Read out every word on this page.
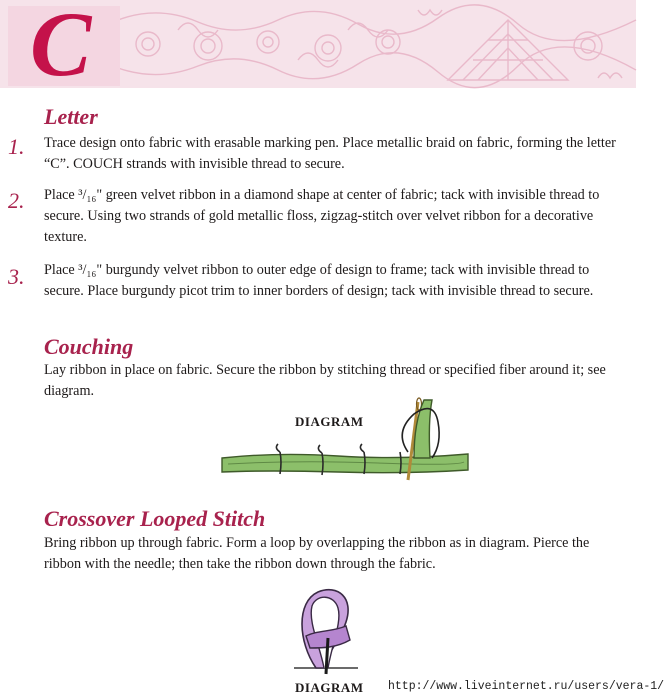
C
Letter
1. Trace design onto fabric with erasable marking pen. Place metallic braid on fabric, forming the letter “C”. COUCH strands with invisible thread to secure.

2. Place ³/₁₆" green velvet ribbon in a diamond shape at center of fabric; tack with invisible thread to secure. Using two strands of gold metallic floss, zigzag-stitch over velvet ribbon for a decorative texture.

3. Place ³/₁₆" burgundy velvet ribbon to outer edge of design to frame; tack with invisible thread to secure. Place burgundy picot trim to inner borders of design; tack with invisible thread to secure.

Couching

Lay ribbon in place on fabric. Secure the ribbon by stitching thread or specified fiber around it; see diagram.

DIAGRAM
Crossover Looped Stitch

Bring ribbon up through fabric. Form a loop by overlapping the ribbon as in diagram. Pierce the ribbon with the needle; then take the ribbon down through the fabric.

DIAGRAM http://www.liveinternet.ru/users/vera-1/
